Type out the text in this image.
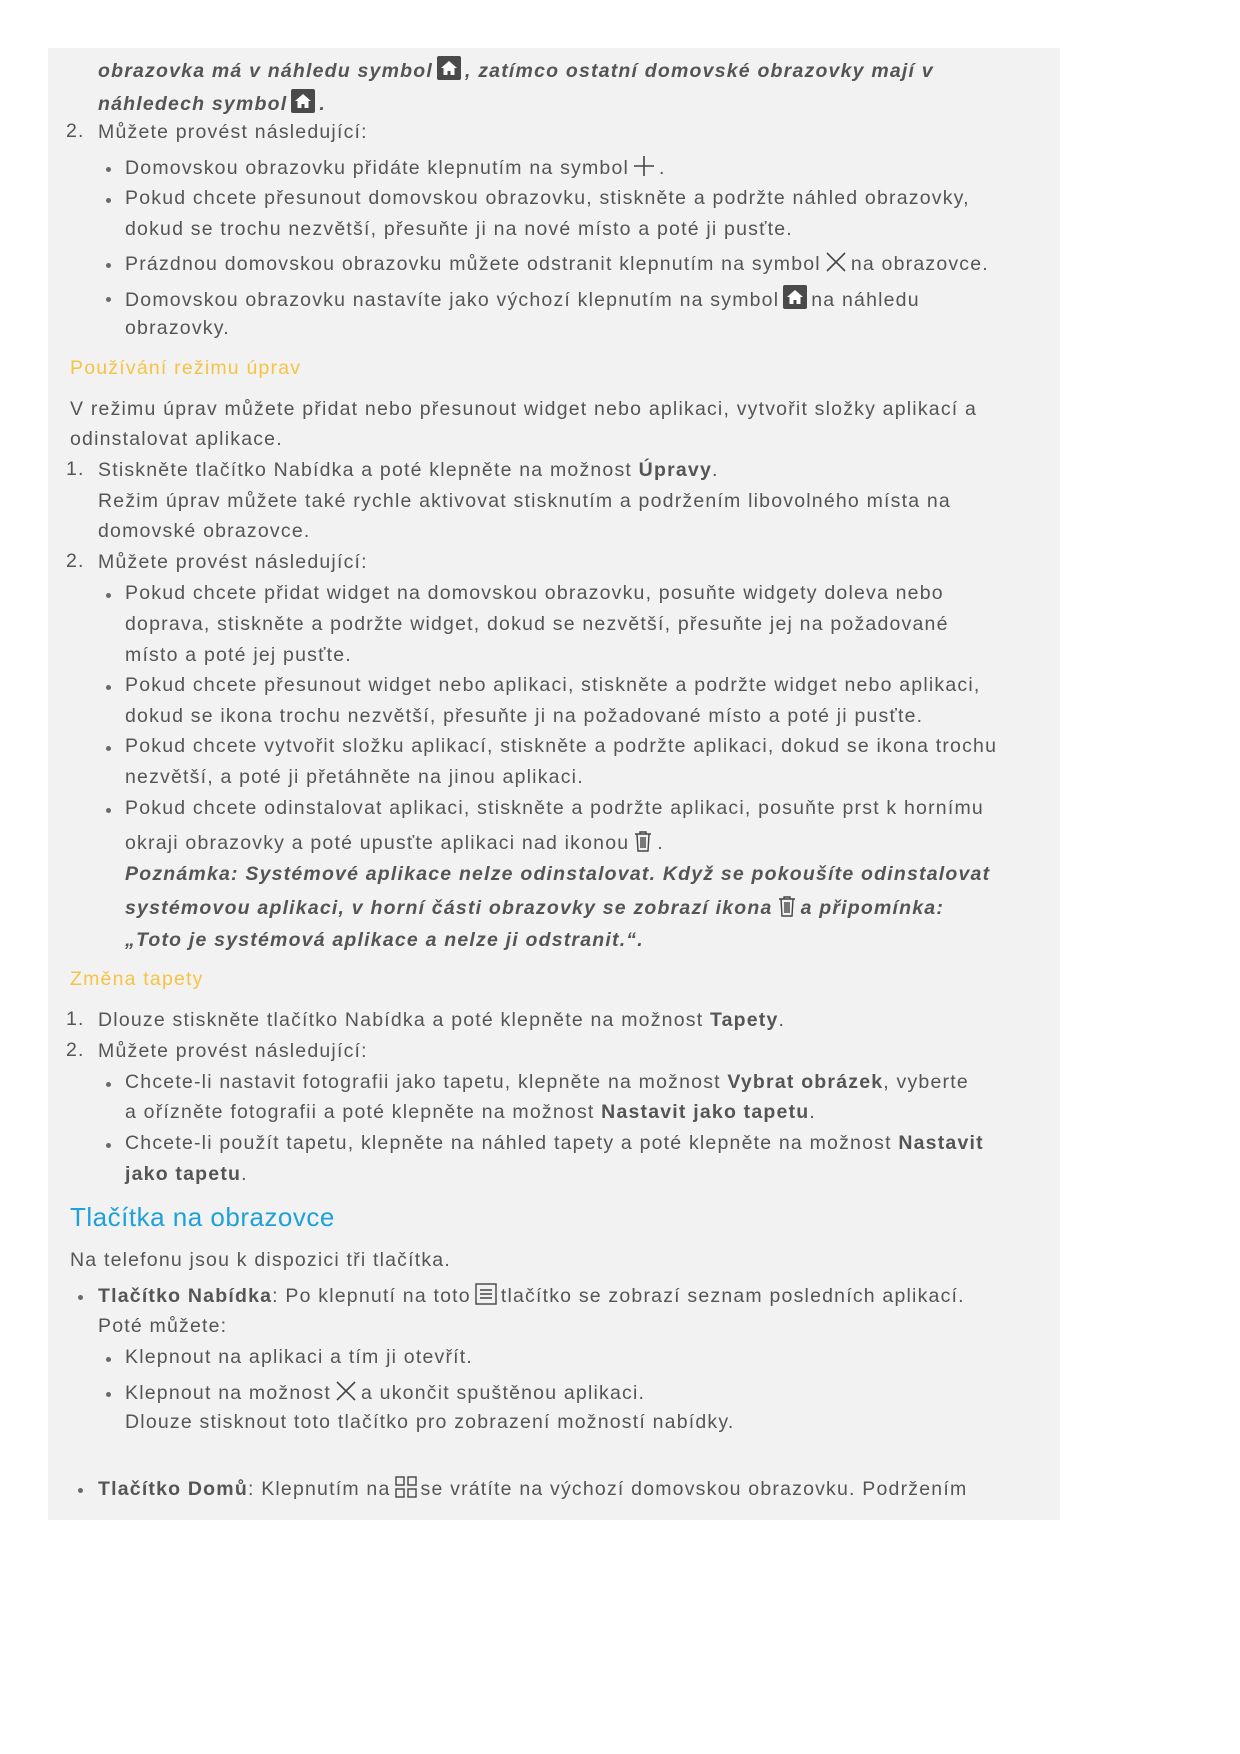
obrazovka má v náhledu symbol , zatímco ostatní domovské obrazovky mají v
náhledech symbol .
2. Můžete provést následující:
Domovskou obrazovku přidáte klepnutím na symbol .
Pokud chcete přesunout domovskou obrazovku, stiskněte a podržte náhled obrazovky,
dokud se trochu nezvětší, přesuňte ji na nové místo a poté ji pusťte.
Prázdnou domovskou obrazovku můžete odstranit klepnutím na symbol na obrazovce.
Domovskou obrazovku nastavíte jako výchozí klepnutím na symbol na náhledu
obrazovky.
Používání režimu úprav
V režimu úprav můžete přidat nebo přesunout widget nebo aplikaci, vytvořit složky aplikací a
odinstalovat aplikace.
1. Stiskněte tlačítko Nabídka a poté klepněte na možnost Úpravy.
Režim úprav můžete také rychle aktivovat stisknutím a podržením libovolného místa na
domovské obrazovce.
2. Můžete provést následující:
Pokud chcete přidat widget na domovskou obrazovku, posuňte widgety doleva nebo
doprava, stiskněte a podržte widget, dokud se nezvětší, přesuňte jej na požadované
místo a poté jej pusťte.
Pokud chcete přesunout widget nebo aplikaci, stiskněte a podržte widget nebo aplikaci,
dokud se ikona trochu nezvětší, přesuňte ji na požadované místo a poté ji pusťte.
Pokud chcete vytvořit složku aplikací, stiskněte a podržte aplikaci, dokud se ikona trochu
nezvětší, a poté ji přetáhněte na jinou aplikaci.
Pokud chcete odinstalovat aplikaci, stiskněte a podržte aplikaci, posuňte prst k hornímu
okraji obrazovky a poté upusťte aplikaci nad ikonou .
Poznámka: Systémové aplikace nelze odinstalovat. Když se pokoušíte odinstalovat
systémovou aplikaci, v horní části obrazovky se zobrazí ikona a připomínka:
„Toto je systémová aplikace a nelze ji odstranit.“.
Změna tapety
1. Dlouze stiskněte tlačítko Nabídka a poté klepněte na možnost Tapety.
2. Můžete provést následující:
Chcete-li nastavit fotografii jako tapetu, klepněte na možnost Vybrat obrázek, vyberte
a ořízněte fotografii a poté klepněte na možnost Nastavit jako tapetu.
Chcete-li použít tapetu, klepněte na náhled tapety a poté klepněte na možnost Nastavit
jako tapetu.
Tlačítka na obrazovce
Na telefonu jsou k dispozici tři tlačítka.
Tlačítko Nabídka: Po klepnutí na toto tlačítko se zobrazí seznam posledních aplikací.
Poté můžete:
Klepnout na aplikaci a tím ji otevřít.
Klepnout na možnost a ukončit spuštěnou aplikaci.
Dlouze stisknout toto tlačítko pro zobrazení možností nabídky.
Tlačítko Domů: Klepnutím na se vrátíte na výchozí domovskou obrazovku. Podržením
